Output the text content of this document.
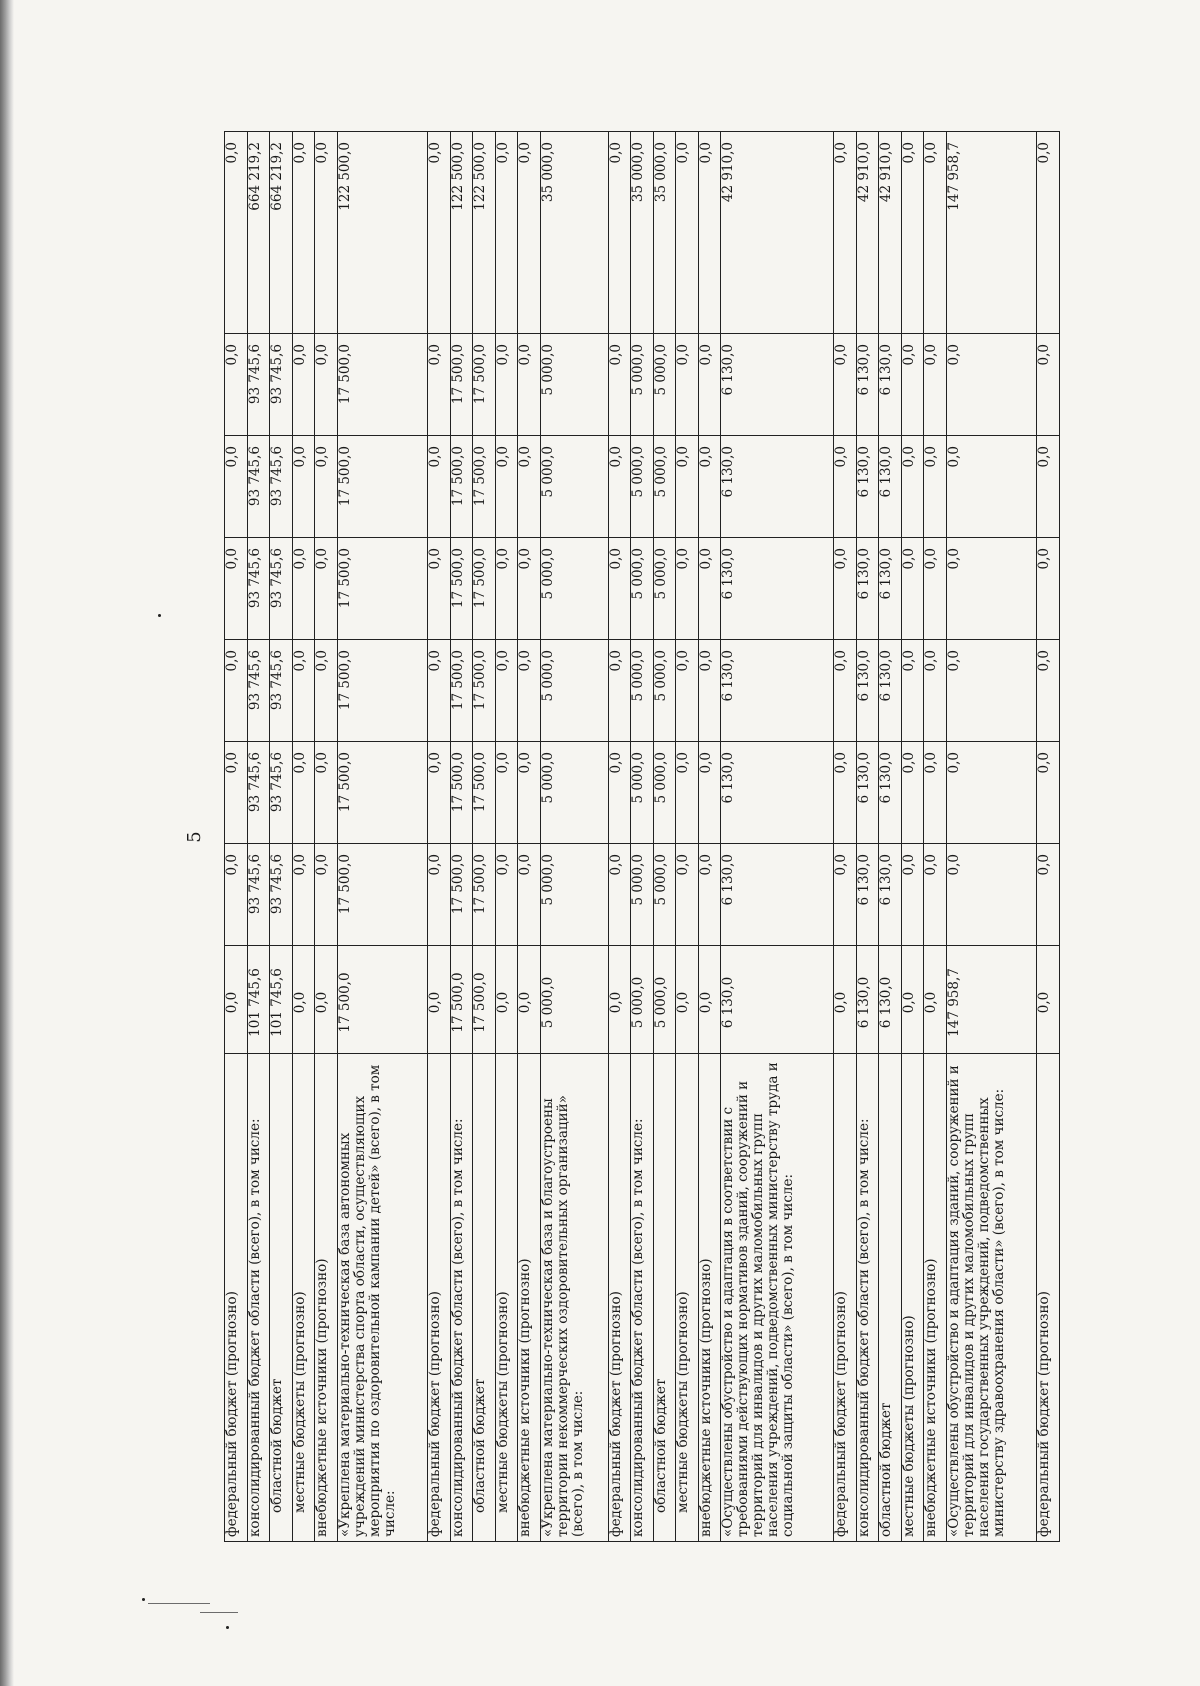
5
федеральный бюджет (прогнозно)	0,0	0,0	0,0	0,0	0,0	0,0	0,0	0,0
консолидированный бюджет области (всего), в том числе:	101 745,6	93 745,6	93 745,6	93 745,6	93 745,6	93 745,6	93 745,6	664 219,2
областной бюджет	101 745,6	93 745,6	93 745,6	93 745,6	93 745,6	93 745,6	93 745,6	664 219,2
местные бюджеты (прогнозно)	0,0	0,0	0,0	0,0	0,0	0,0	0,0	0,0
внебюджетные источники (прогнозно)	0,0	0,0	0,0	0,0	0,0	0,0	0,0	0,0
«Укреплена материально-техническая база автономных учреждений министерства спорта области, осуществляющих мероприятия по оздоровительной кампании детей» (всего), в том числе:	17 500,0	17 500,0	17 500,0	17 500,0	17 500,0	17 500,0	17 500,0	122 500,0
федеральный бюджет (прогнозно)	0,0	0,0	0,0	0,0	0,0	0,0	0,0	0,0
консолидированный бюджет области (всего), в том числе:	17 500,0	17 500,0	17 500,0	17 500,0	17 500,0	17 500,0	17 500,0	122 500,0
областной бюджет	17 500,0	17 500,0	17 500,0	17 500,0	17 500,0	17 500,0	17 500,0	122 500,0
местные бюджеты (прогнозно)	0,0	0,0	0,0	0,0	0,0	0,0	0,0	0,0
внебюджетные источники (прогнозно)	0,0	0,0	0,0	0,0	0,0	0,0	0,0	0,0
«Укреплена материально-техническая база и благоустроены территории некоммерческих оздоровительных организаций» (всего), в том числе:	5 000,0	5 000,0	5 000,0	5 000,0	5 000,0	5 000,0	5 000,0	35 000,0
федеральный бюджет (прогнозно)	0,0	0,0	0,0	0,0	0,0	0,0	0,0	0,0
консолидированный бюджет области (всего), в том числе:	5 000,0	5 000,0	5 000,0	5 000,0	5 000,0	5 000,0	5 000,0	35 000,0
областной бюджет	5 000,0	5 000,0	5 000,0	5 000,0	5 000,0	5 000,0	5 000,0	35 000,0
местные бюджеты (прогнозно)	0,0	0,0	0,0	0,0	0,0	0,0	0,0	0,0
внебюджетные источники (прогнозно)	0,0	0,0	0,0	0,0	0,0	0,0	0,0	0,0
«Осуществлены обустройство и адаптация в соответствии с требованиями действующих нормативов зданий, сооружений и территорий для инвалидов и других маломобильных групп населения учреждений, подведомственных министерству труда и социальной защиты области» (всего), в том числе:	6 130,0	6 130,0	6 130,0	6 130,0	6 130,0	6 130,0	6 130,0	42 910,0
федеральный бюджет (прогнозно)	0,0	0,0	0,0	0,0	0,0	0,0	0,0	0,0
консолидированный бюджет области (всего), в том числе:	6 130,0	6 130,0	6 130,0	6 130,0	6 130,0	6 130,0	6 130,0	42 910,0
областной бюджет	6 130,0	6 130,0	6 130,0	6 130,0	6 130,0	6 130,0	6 130,0	42 910,0
местные бюджеты (прогнозно)	0,0	0,0	0,0	0,0	0,0	0,0	0,0	0,0
внебюджетные источники (прогнозно)	0,0	0,0	0,0	0,0	0,0	0,0	0,0	0,0
«Осуществлены обустройство и адаптация зданий, сооружений и территорий для инвалидов и других маломобильных групп населения государственных учреждений, подведомственных министерству здравоохранения области» (всего), в том числе:	147 958,7	0,0	0,0	0,0	0,0	0,0	0,0	147 958,7
федеральный бюджет (прогнозно)	0,0	0,0	0,0	0,0	0,0	0,0	0,0	0,0
